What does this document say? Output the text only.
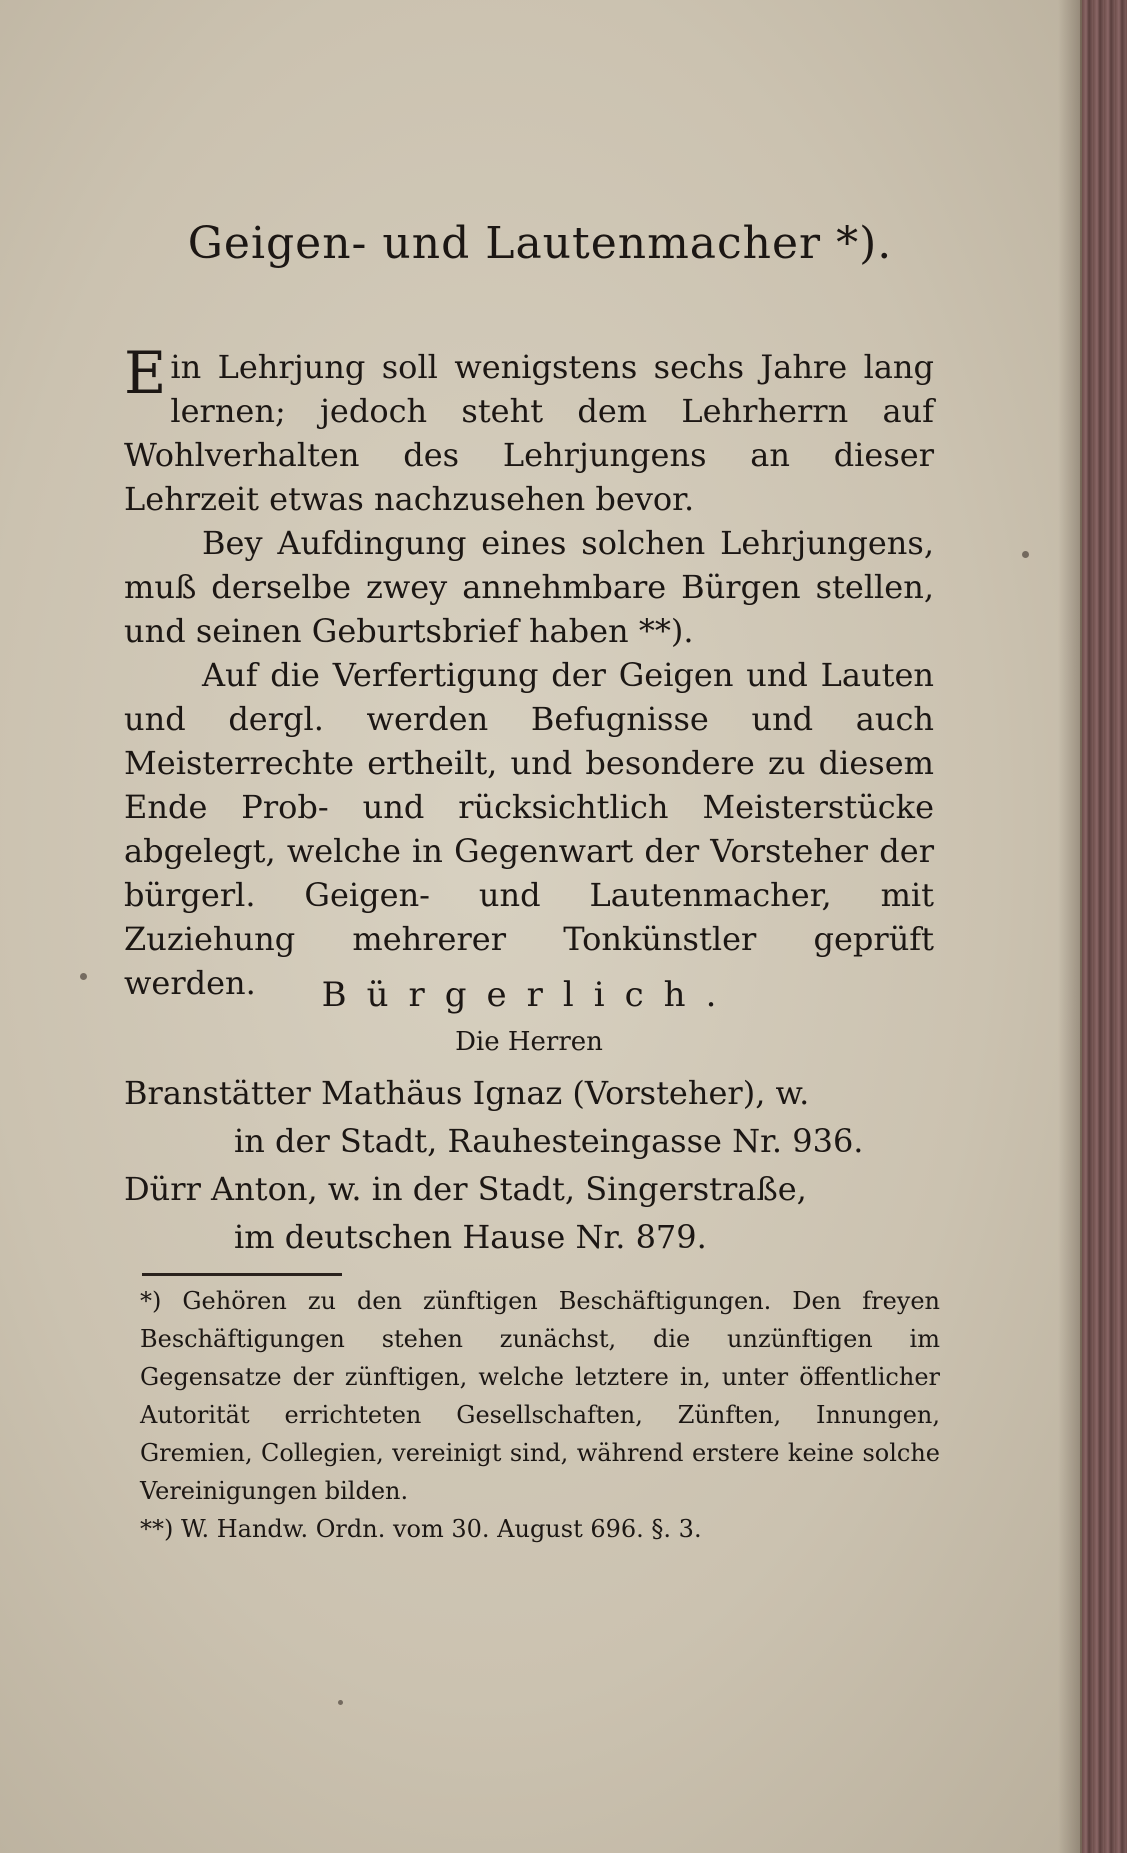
Geigen- und Lautenmacher *).

Ein Lehrjung soll wenigstens sechs Jahre lang lernen; jedoch steht dem Lehrherrn auf Wohlverhalten des Lehrjungens an dieser Lehrzeit etwas nachzusehen bevor.

Bey Aufdingung eines solchen Lehrjungens, muß derselbe zwey annehmbare Bürgen stellen, und seinen Geburtsbrief haben **).

Auf die Verfertigung der Geigen und Lauten und dergl. werden Befugnisse und auch Meisterrechte ertheilt, und besondere zu diesem Ende Prob- und rücksichtlich Meisterstücke abgelegt, welche in Gegenwart der Vorsteher der bürgerl. Geigen- und Lautenmacher, mit Zuziehung mehrerer Tonkünstler geprüft werden.	Bürgerlich.
Die Herren
Branstätter Mathäus Ignaz (Vorsteher), w.
in der Stadt, Rauhesteingasse Nr. 936.
Dürr Anton, w. in der Stadt, Singerstraße,
im deutschen Hause Nr. 879.
*) Gehören zu den zünftigen Beschäftigungen. Den freyen Beschäftigungen stehen zunächst, die unzünftigen im Gegensatze der zünftigen, welche letztere in, unter öffentlicher Autorität errichteten Gesellschaften, Zünften, Innungen, Gremien, Collegien, vereinigt sind, während erstere keine solche Vereinigungen bilden.
**) W. Handw. Ordn. vom 30. August 696. §. 3.
